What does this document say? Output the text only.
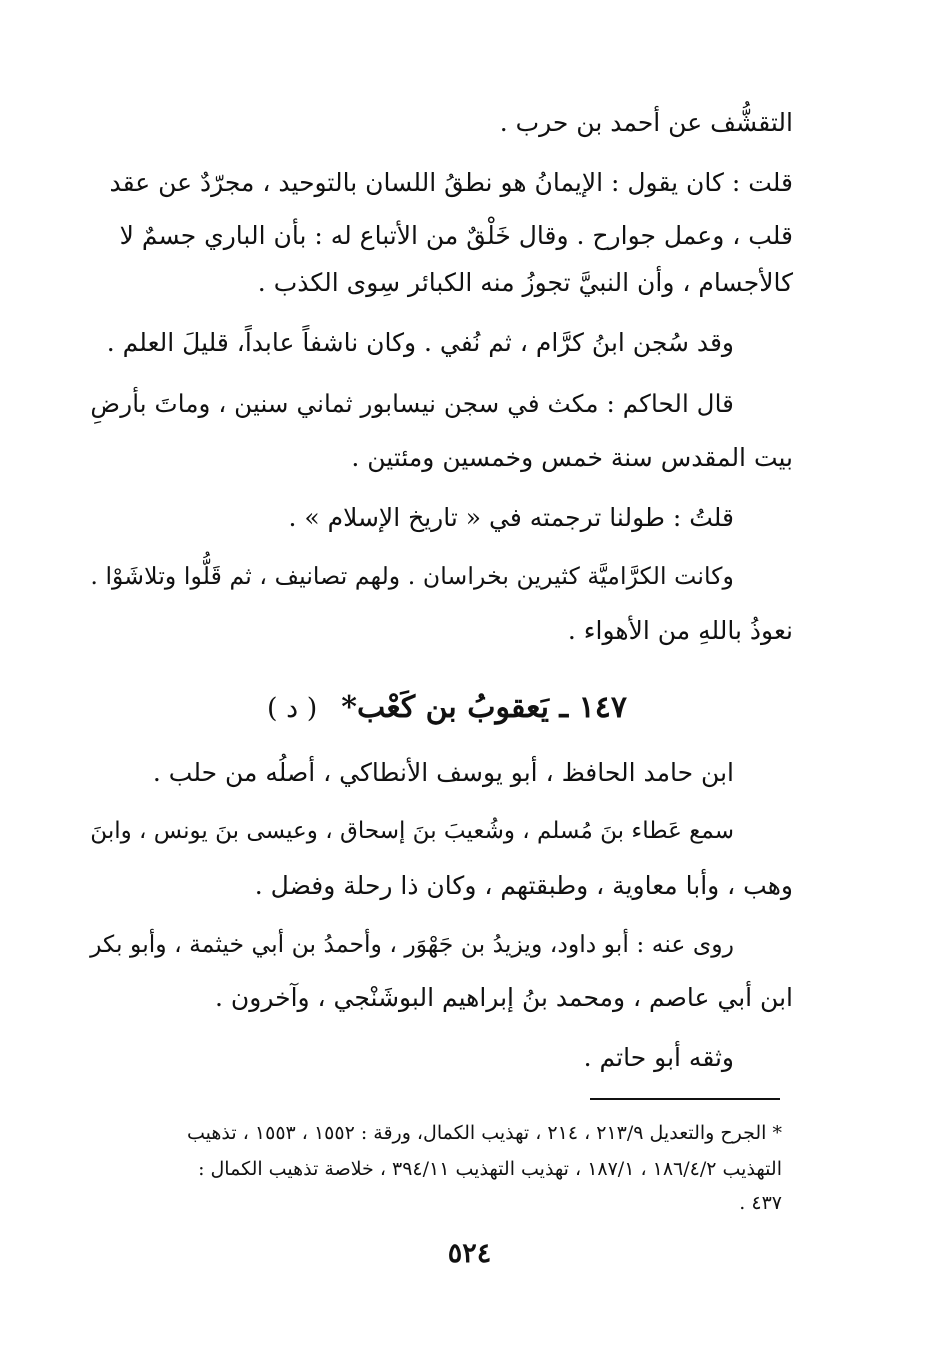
التقشُّف عن أحمد بن حرب .
قلت : كان يقول : الإيمانُ هو نطقُ اللسان بالتوحيد ، مجرّدٌ عن عقد
قلب ، وعمل جوارح . وقال خَلْقٌ من الأتباع له : بأن الباري جسمٌ لا
كالأجسام ، وأن النبيَّ تجوزُ منه الكبائر سِوى الكذب .
وقد سُجن ابنُ كرَّام ، ثم نُفي . وكان ناشفاً عابداً، قليلَ العلم .
قال الحاكم : مكث في سجن نيسابور ثماني سنين ، وماتَ بأرضِ
بيت المقدس سنة خمس وخمسين ومئتين .
قلتُ : طولنا ترجمته في « تاريخ الإسلام » .
وكانت الكرَّاميَّة كثيرين بخراسان . ولهم تصانيف ، ثم قَلُّوا وتلاشَوْا .
نعوذُ باللهِ من الأهواء .
١٤٧ ـ يَعقوبُ بن كَعْب*( د )
ابن حامد الحافظ ، أبو يوسف الأنطاكي ، أصلُه من حلب .
سمع عَطاء بنَ مُسلم ، وشُعيبَ بنَ إسحاق ، وعيسى بنَ يونس ، وابنَ
وهب ، وأبا معاوية ، وطبقتهم ، وكان ذا رحلة وفضل .
روى عنه : أبو داود، ويزيدُ بن جَهْوَر ، وأحمدُ بن أبي خيثمة ، وأبو بكر
ابن أبي عاصم ، ومحمد بنُ إبراهيم البوشَنْجي ، وآخرون .
وثقه أبو حاتم .
* الجرح والتعديل ٢١٣/٩ ، ٢١٤ ، تهذيب الكمال، ورقة : ١٥٥٢ ، ١٥٥٣ ، تذهيب
التهذيب ١٨٦/٤/٢ ، ١٨٧/١ ، تهذيب التهذيب ٣٩٤/١١ ، خلاصة تذهيب الكمال :
٤٣٧ .
٥٢٤
